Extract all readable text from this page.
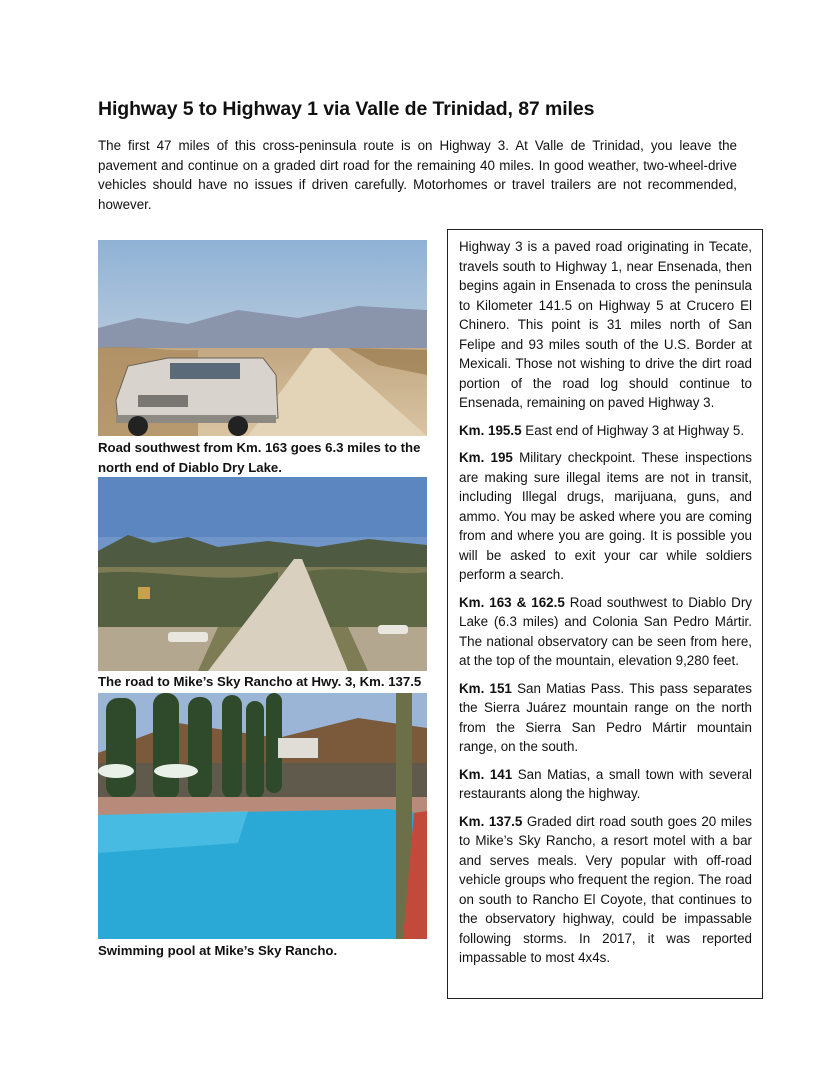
Highway 5 to Highway 1 via Valle de Trinidad, 87 miles

The first 47 miles of this cross-peninsula route is on Highway 3. At Valle de Trinidad, you leave the pavement and continue on a graded dirt road for the remaining 40 miles. In good weather, two-wheel-drive vehicles should have no issues if driven carefully. Motorhomes or travel trailers are not recommended, however.

Road southwest from Km. 163 goes 6.3 miles to the north end of Diablo Dry Lake.

The road to Mike’s Sky Rancho at Hwy. 3, Km. 137.5

Swimming pool at Mike’s Sky Rancho.

Highway 3 is a paved road originating in Tecate, travels south to Highway 1, near Ensenada, then begins again in Ensenada to cross the peninsula to Kilometer 141.5 on Highway 5 at Crucero El Chinero. This point is 31 miles north of San Felipe and 93 miles south of the U.S. Border at Mexicali. Those not wishing to drive the dirt road portion of the road log should continue to Ensenada, remaining on paved Highway 3.

Km. 195.5 East end of Highway 3 at Highway 5.

Km. 195 Military checkpoint. These inspections are making sure illegal items are not in transit, including Illegal drugs, marijuana, guns, and ammo. You may be asked where you are coming from and where you are going. It is possible you will be asked to exit your car while soldiers perform a search.

Km. 163 & 162.5 Road southwest to Diablo Dry Lake (6.3 miles) and Colonia San Pedro Mártir. The national observatory can be seen from here, at the top of the mountain, elevation 9,280 feet.

Km. 151 San Matias Pass. This pass separates the Sierra Juárez mountain range on the north from the Sierra San Pedro Mártir mountain range, on the south.

Km. 141 San Matias, a small town with several restaurants along the highway.

Km. 137.5 Graded dirt road south goes 20 miles to Mike’s Sky Rancho, a resort motel with a bar and serves meals. Very popular with off-road vehicle groups who frequent the region. The road on south to Rancho El Coyote, that continues to the observatory highway, could be impassable following storms. In 2017, it was reported impassable to most 4x4s.
